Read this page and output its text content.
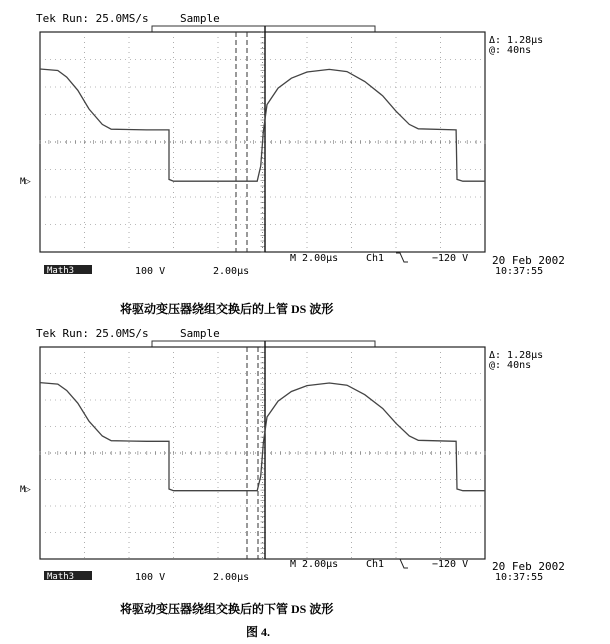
Tek Run: 25.0MS/s	Sample
Δ: 1.28µs
@: 40ns
M▷
M 2.00µs	Ch1	−120 V 20 Feb 2002
10:37:55
Math3	100 V	2.00µs
将驱动变压器绕组交换后的上管 DS 波形
Tek Run: 25.0MS/s	Sample
Δ: 1.28µs
@: 40ns
M▷
M 2.00µs	Ch1	−120 V 20 Feb 2002
10:37:55
Math3	100 V	2.00µs
将驱动变压器绕组交换后的下管 DS 波形
图 4.
